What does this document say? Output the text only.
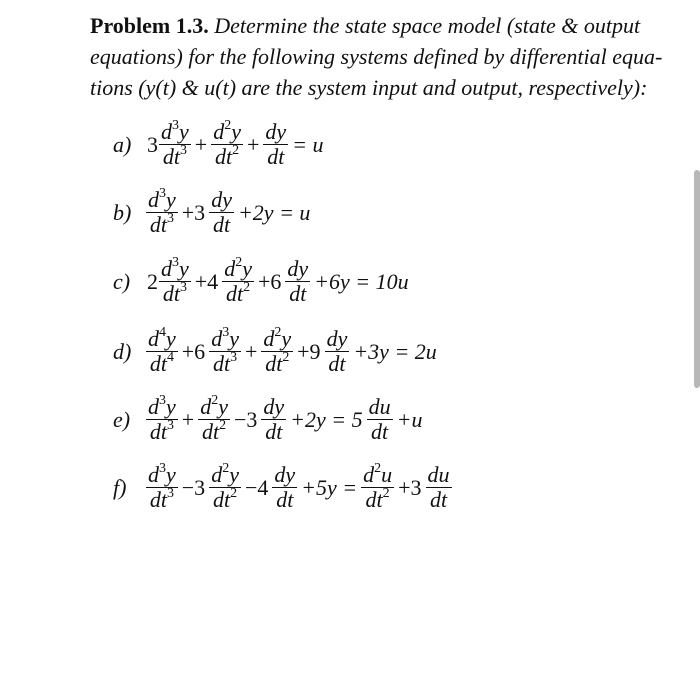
Problem 1.3. Determine the state space model (state & output
equations) for the following systems defined by differential equa-
tions (y(t) & u(t) are the system input and output, respectively):
a) $3 \frac{d^3y}{dt^3} + \frac{d^2y}{dt^2} + \frac{dy}{dt} = u$
$b) \frac{d^3y}{dt^3} +3 \frac{dy}{dt} +2y = u$
c) $2 \frac{d^3y}{dt^3} +4 \frac{d^2y}{dt^2} +6 \frac{dy}{dt} +6y = 10u$
$d) \frac{d^4y}{dt^4} +6 \frac{d^3y}{dt^3} + \frac{d^2y}{dt^2} +9 \frac{dy}{dt} +3y = 2u$
$e) \frac{d^3y}{dt^3} + \frac{d^2y}{dt^2} -3 \frac{dy}{dt} +2y = 5 \frac{du}{dt} +u$
$f) \frac{d^3y}{dt^3} -3 \frac{d^2y}{dt^2} -4 \frac{dy}{dt} +5y = \frac{d^2u}{dt^2} +3 \frac{du}{dt}$
